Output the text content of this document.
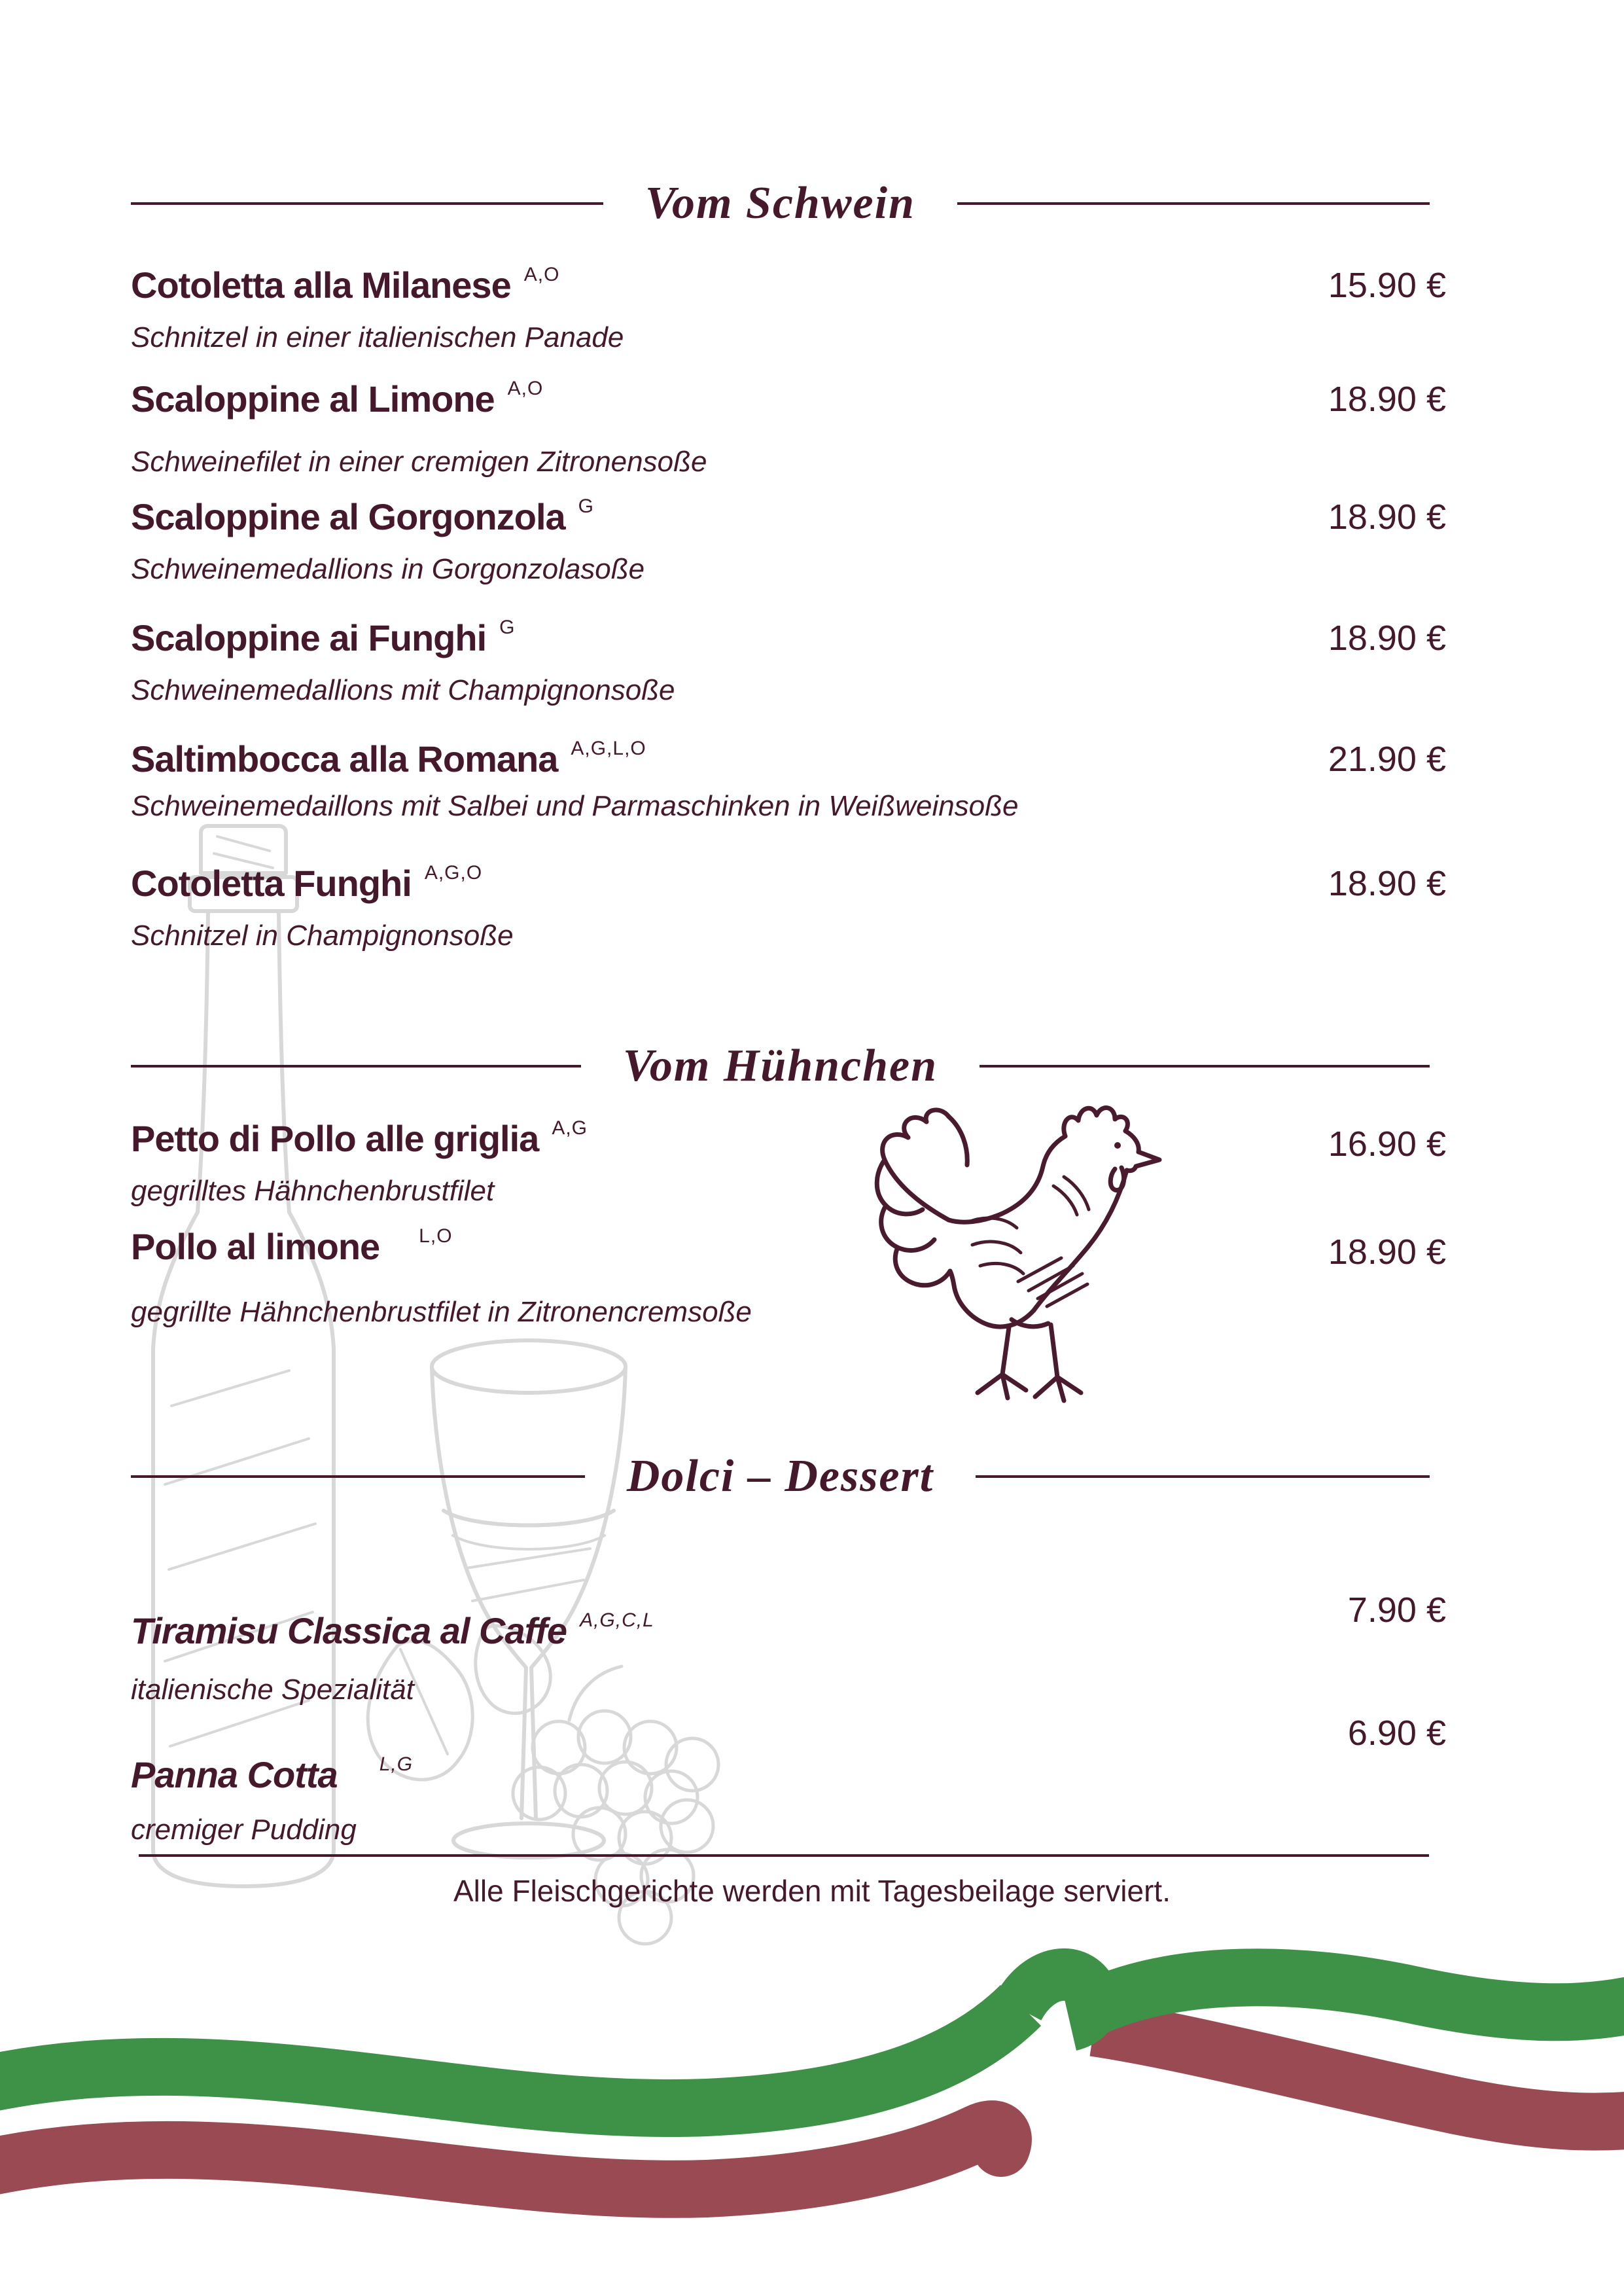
Vom Schwein
Cotoletta alla Milanese A,O
Schnitzel in einer italienischen Panade
15.90 €
Scaloppine al Limone A,O
Schweinefilet in einer cremigen Zitronensoße
18.90 €
Scaloppine al Gorgonzola G
Schweinemedallions in Gorgonzolasoße
18.90 €
Scaloppine ai Funghi G
Schweinemedallions mit Champignonsoße
18.90 €
Saltimbocca alla Romana A,G,L,O
Schweinemedaillons mit Salbei und Parmaschinken in Weißweinsoße
21.90 €
Cotoletta Funghi A,G,O
Schnitzel in Champignonsoße
18.90 €
Vom Hühnchen
Petto di Pollo alle griglia A,G
gegrilltes Hähnchenbrustfilet
16.90 €
Pollo al limone L,O
gegrillte Hähnchenbrustfilet in Zitronencremsoße
18.90 €
Dolci – Dessert
Tiramisu Classica al Caffe A,G,C,L
italienische Spezialität
7.90 €
Panna Cotta L,G
cremiger Pudding
6.90 €
Alle Fleischgerichte werden mit Tagesbeilage serviert.
